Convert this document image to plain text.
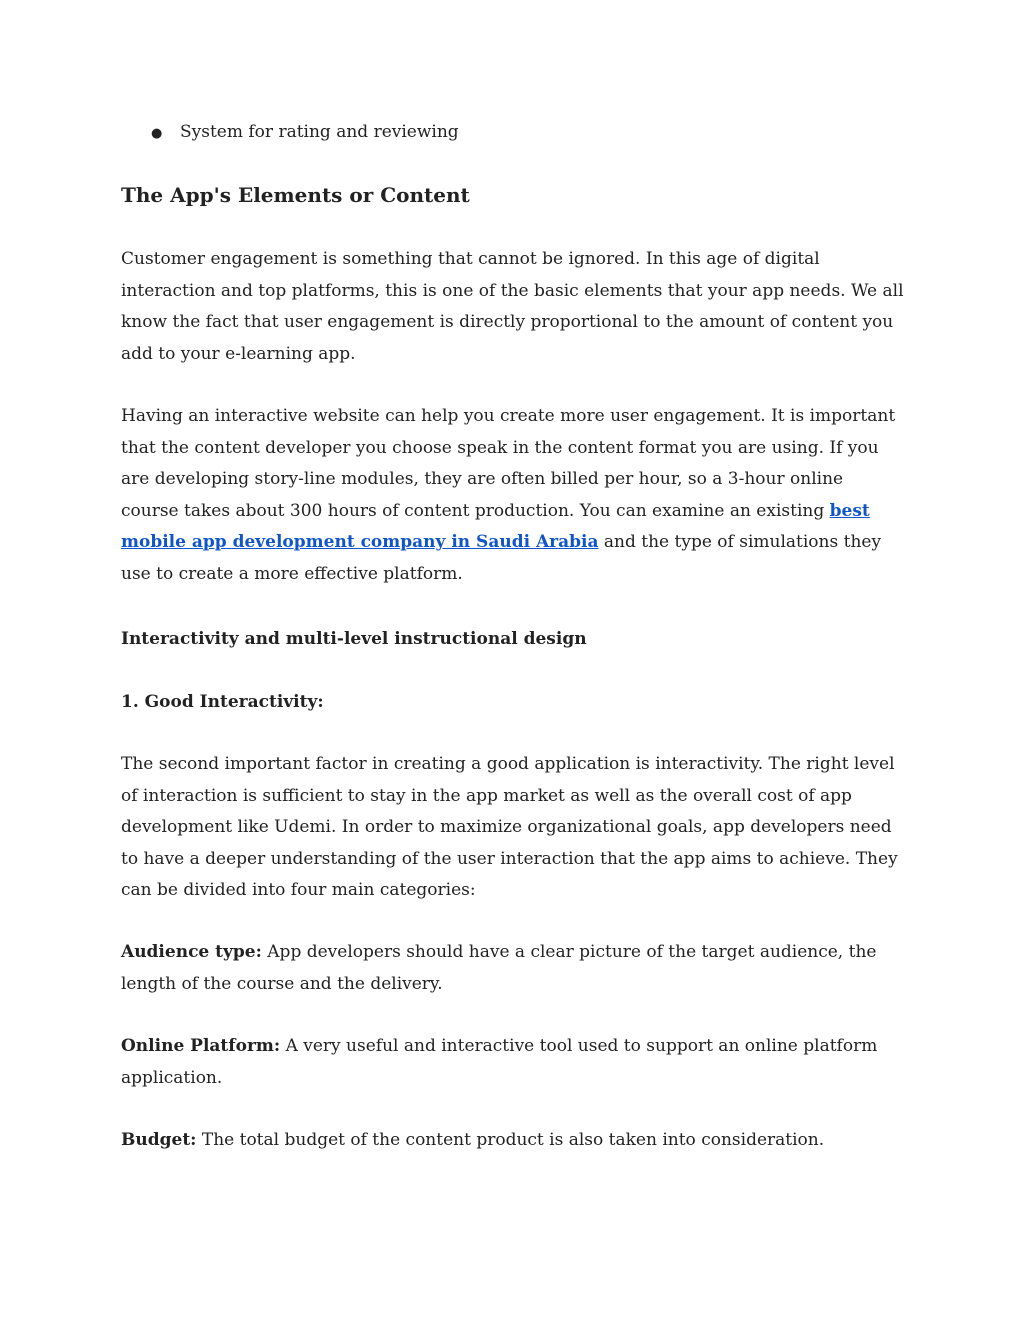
● System for rating and reviewing
The App's Elements or Content

Customer engagement is something that cannot be ignored. In this age of digital interaction and top platforms, this is one of the basic elements that your app needs. We all know the fact that user engagement is directly proportional to the amount of content you add to your e-learning app.

Having an interactive website can help you create more user engagement. It is important that the content developer you choose speak in the content format you are using. If you are developing story-line modules, they are often billed per hour, so a 3-hour online course takes about 300 hours of content production. You can examine an existing best mobile app development company in Saudi Arabia and the type of simulations they use to create a more effective platform.

Interactivity and multi-level instructional design
1. Good Interactivity:

The second important factor in creating a good application is interactivity. The right level of interaction is sufficient to stay in the app market as well as the overall cost of app development like Udemi. In order to maximize organizational goals, app developers need to have a deeper understanding of the user interaction that the app aims to achieve. They can be divided into four main categories:

Audience type: App developers should have a clear picture of the target audience, the length of the course and the delivery.

Online Platform: A very useful and interactive tool used to support an online platform application.

Budget: The total budget of the content product is also taken into consideration.
